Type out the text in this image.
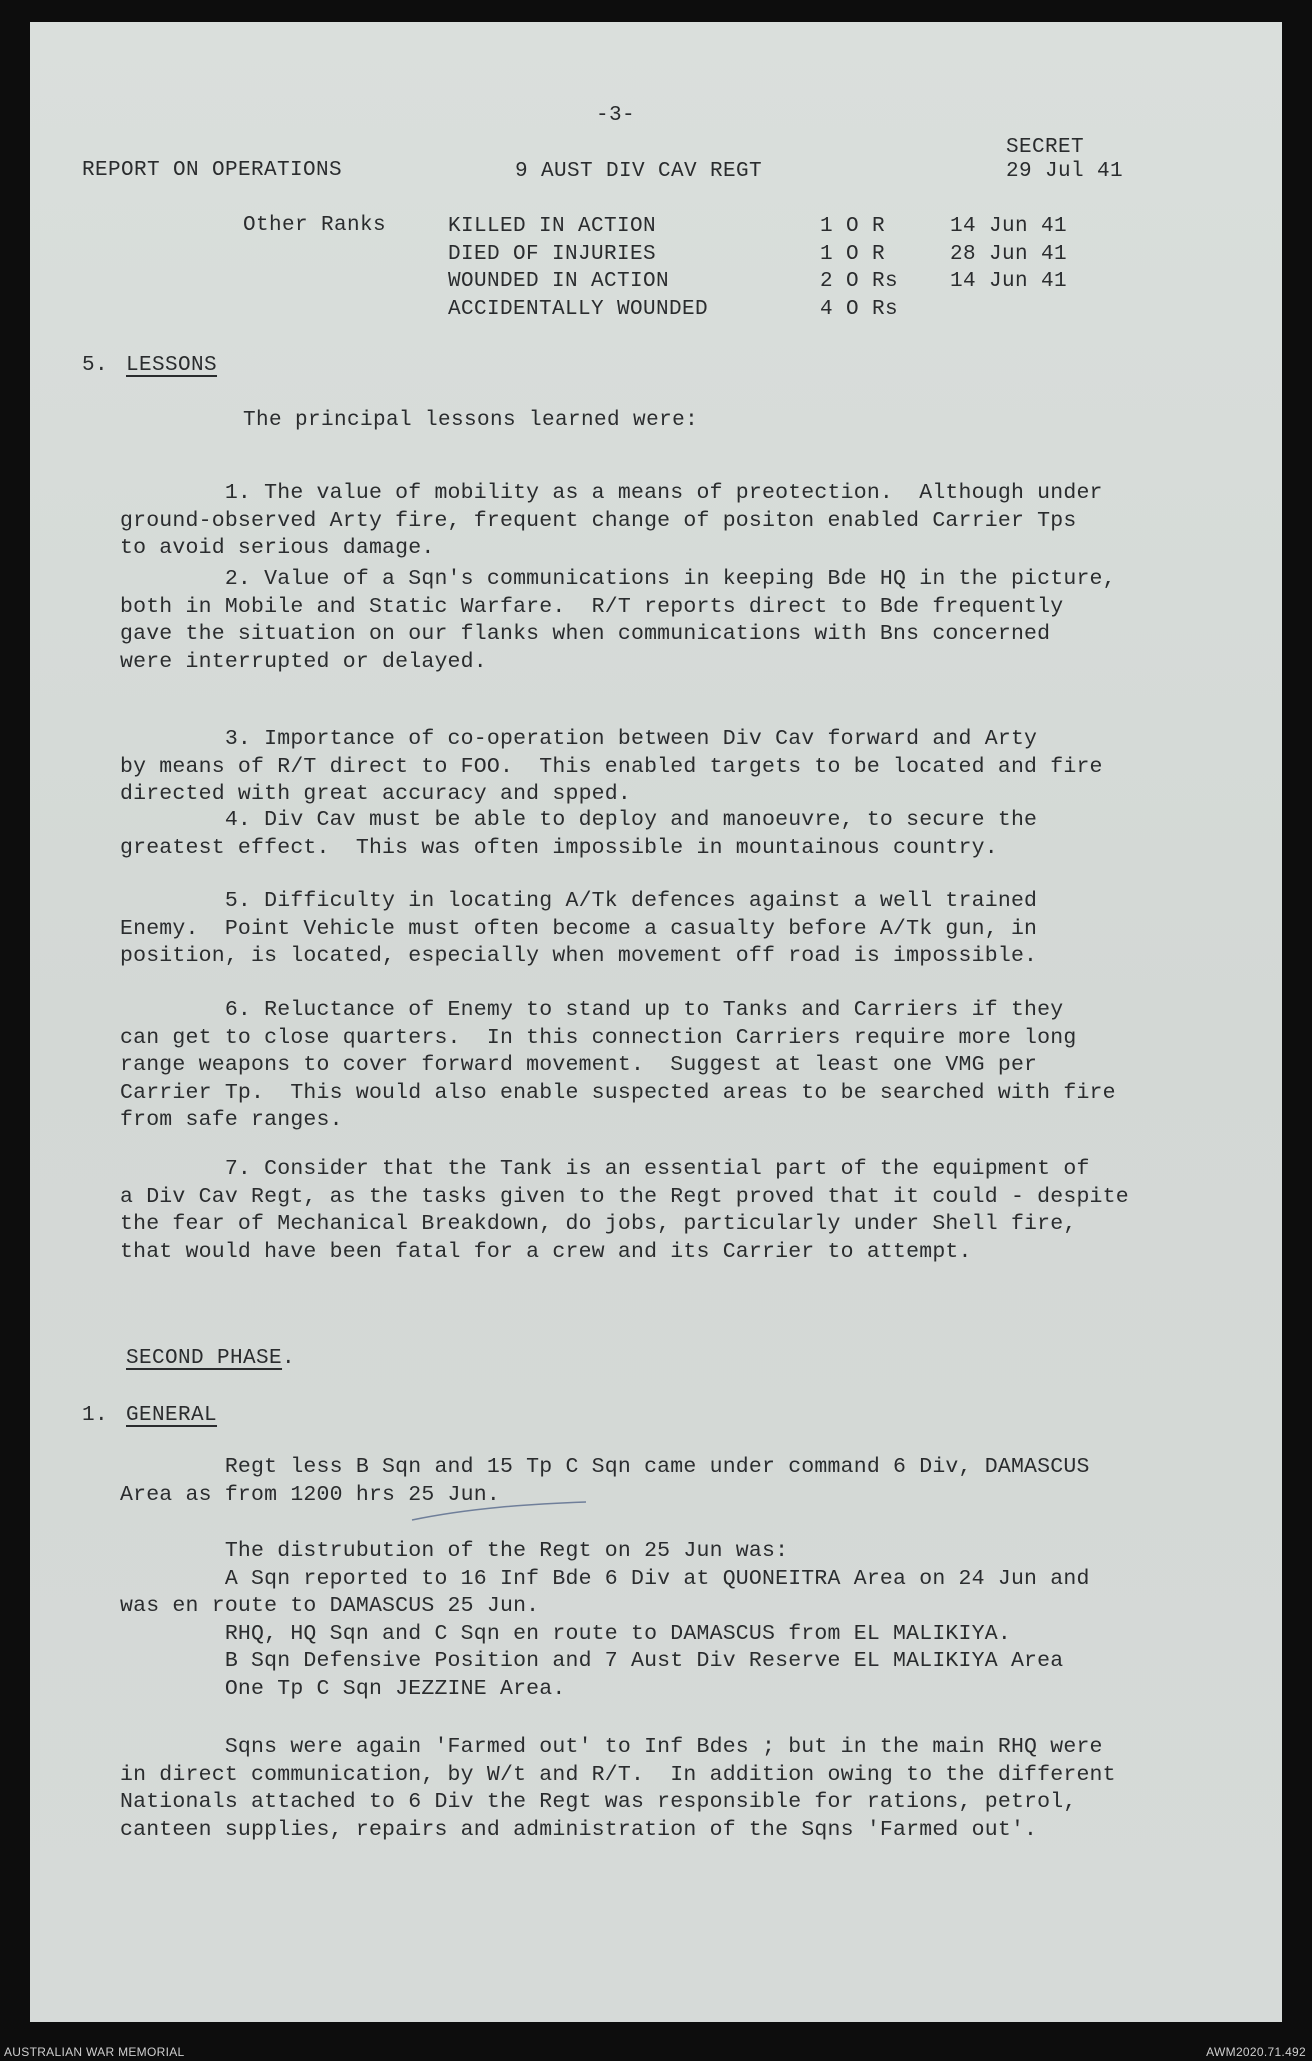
-3-
SECRET
REPORT ON OPERATIONS	9 AUST DIV CAV REGT	29 Jul 41
Other Ranks	KILLED IN ACTION	1 O R	14 Jun 41
DIED OF INJURIES	1 O R	28 Jun 41
WOUNDED IN ACTION	2 O Rs 14 Jun 41
ACCIDENTALLY WOUNDED	4 O Rs
5. LESSONS
The principal lessons learned were:

1. The value of mobility as a means of preotection.  Although under

ground-observed Arty fire, frequent change of positon enabled Carrier Tps

to avoid serious damage.

2. Value of a Sqn's communications in keeping Bde HQ in the picture,

both in Mobile and Static Warfare.  R/T reports direct to Bde frequently

gave the situation on our flanks when communications with Bns concerned

were interrupted or delayed.

3. Importance of co-operation between Div Cav forward and Arty

by means of R/T direct to FOO.  This enabled targets to be located and fire

directed with great accuracy and spped.

4. Div Cav must be able to deploy and manoeuvre, to secure the

greatest effect.  This was often impossible in mountainous country.

5. Difficulty in locating A/Tk defences against a well trained

Enemy.  Point Vehicle must often become a casualty before A/Tk gun, in

position, is located, especially when movement off road is impossible.

6. Reluctance of Enemy to stand up to Tanks and Carriers if they

can get to close quarters.  In this connection Carriers require more long

range weapons to cover forward movement.  Suggest at least one VMG per

Carrier Tp.  This would also enable suspected areas to be searched with fire

from safe ranges.

7. Consider that the Tank is an essential part of the equipment of

a Div Cav Regt, as the tasks given to the Regt proved that it could - despite

the fear of Mechanical Breakdown, do jobs, particularly under Shell fire,

that would have been fatal for a crew and its Carrier to attempt.

SECOND PHASE.
1. GENERAL

Regt less B Sqn and 15 Tp C Sqn came under command 6 Div, DAMASCUS

Area as from 1200 hrs 25 Jun.

The distrubution of the Regt on 25 Jun was:

A Sqn reported to 16 Inf Bde 6 Div at QUONEITRA Area on 24 Jun and

was en route to DAMASCUS 25 Jun.

RHQ, HQ Sqn and C Sqn en route to DAMASCUS from EL MALIKIYA.

B Sqn Defensive Position and 7 Aust Div Reserve EL MALIKIYA Area

One Tp C Sqn JEZZINE Area.

Sqns were again 'Farmed out' to Inf Bdes ; but in the main RHQ were

in direct communication, by W/t and R/T.  In addition owing to the different

Nationals attached to 6 Div the Regt was responsible for rations, petrol,

canteen supplies, repairs and administration of the Sqns 'Farmed out'.

AUSTRALIAN WAR MEMORIAL	AWM2020.71.492
